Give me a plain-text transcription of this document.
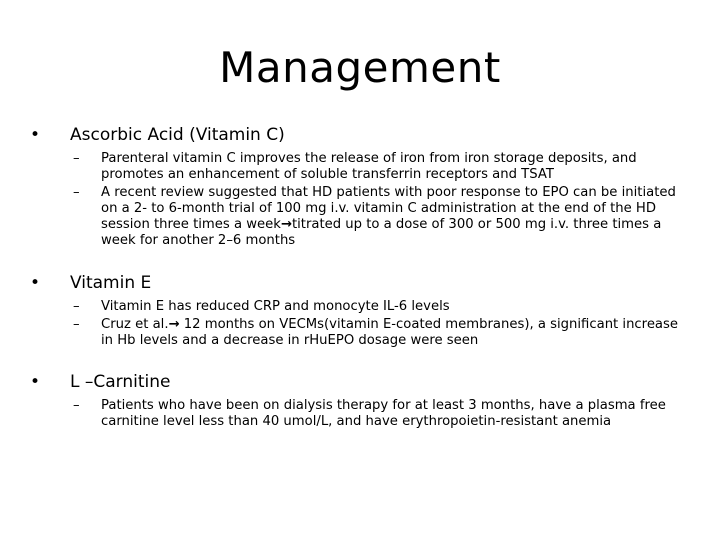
Management
•	Ascorbic Acid (Vitamin C)
– Parenteral vitamin C improves the release of iron from iron storage deposits, and promotes an enhancement of soluble transferrin receptors and TSAT
– A recent review suggested that HD patients with poor response to EPO can be initiated on a 2- to 6-month trial of 100 mg i.v. vitamin C administration at the end of the HD session three times a week→titrated up to a dose of 300 or 500 mg i.v. three times a week for another 2–6 months
•	Vitamin E
– Vitamin E has reduced CRP and monocyte IL-6 levels
– Cruz et al.→ 12 months on VECMs(vitamin E-coated membranes), a significant increase in Hb levels and a decrease in rHuEPO dosage were seen
•	L –Carnitine
– Patients who have been on dialysis therapy for at least 3 months, have a plasma free carnitine level less than 40 umol/L, and have erythropoietin-resistant anemia
